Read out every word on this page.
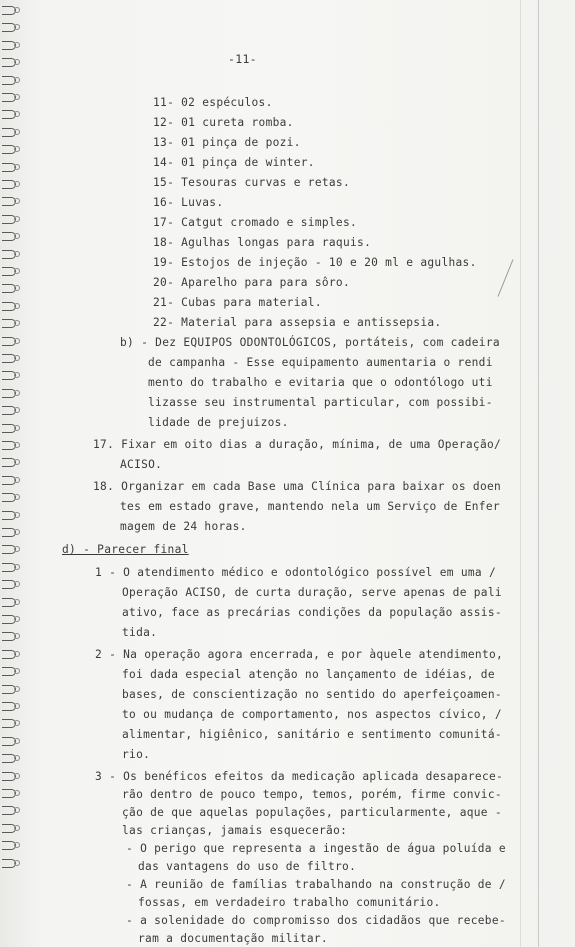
-11-
11- 02 espéculos.
12- 01 cureta romba.
13- 01 pinça de pozi.
14- 01 pinça de winter.
15- Tesouras curvas e retas.
16- Luvas.
17- Catgut cromado e simples.
18- Agulhas longas para raquis.
19- Estojos de injeção - 10 e 20 ml e agulhas.
20- Aparelho para para sôro.
21- Cubas para material.
22- Material para assepsia e antissepsia.
b) - Dez EQUIPOS ODONTOLÓGICOS, portáteis, com cadeira
de campanha - Esse equipamento aumentaria o rendi
mento do trabalho e evitaria que o odontólogo uti
lizasse seu instrumental particular, com possibi-
lidade de prejuizos.
17. Fixar em oito dias a duração, mínima, de uma Operação/
ACISO.
18. Organizar em cada Base uma Clínica para baixar os doen
tes em estado grave, mantendo nela um Serviço de Enfer
magem de 24 horas.
d) - Parecer final
1 - O atendimento médico e odontológico possível em uma /
Operação ACISO, de curta duração, serve apenas de pali
ativo, face as precárias condições da população assis-
tida.
2 - Na operação agora encerrada, e por àquele atendimento,
foi dada especial atenção no lançamento de idéias, de
bases, de conscientização no sentido do aperfeiçoamen-
to ou mudança de comportamento, nos aspectos cívico, /
alimentar, higiênico, sanitário e sentimento comunitá-
rio.
3 - Os benéficos efeitos da medicação aplicada desaparece-
rão dentro de pouco tempo, temos, porém, firme convic-
ção de que aquelas populações, particularmente, aque -
las crianças, jamais esquecerão:
- O perigo que representa a ingestão de água poluída e
das vantagens do uso de filtro.
- A reunião de famílias trabalhando na construção de /
fossas, em verdadeiro trabalho comunitário.
- a solenidade do compromisso dos cidadãos que recebe-
ram a documentação militar.
